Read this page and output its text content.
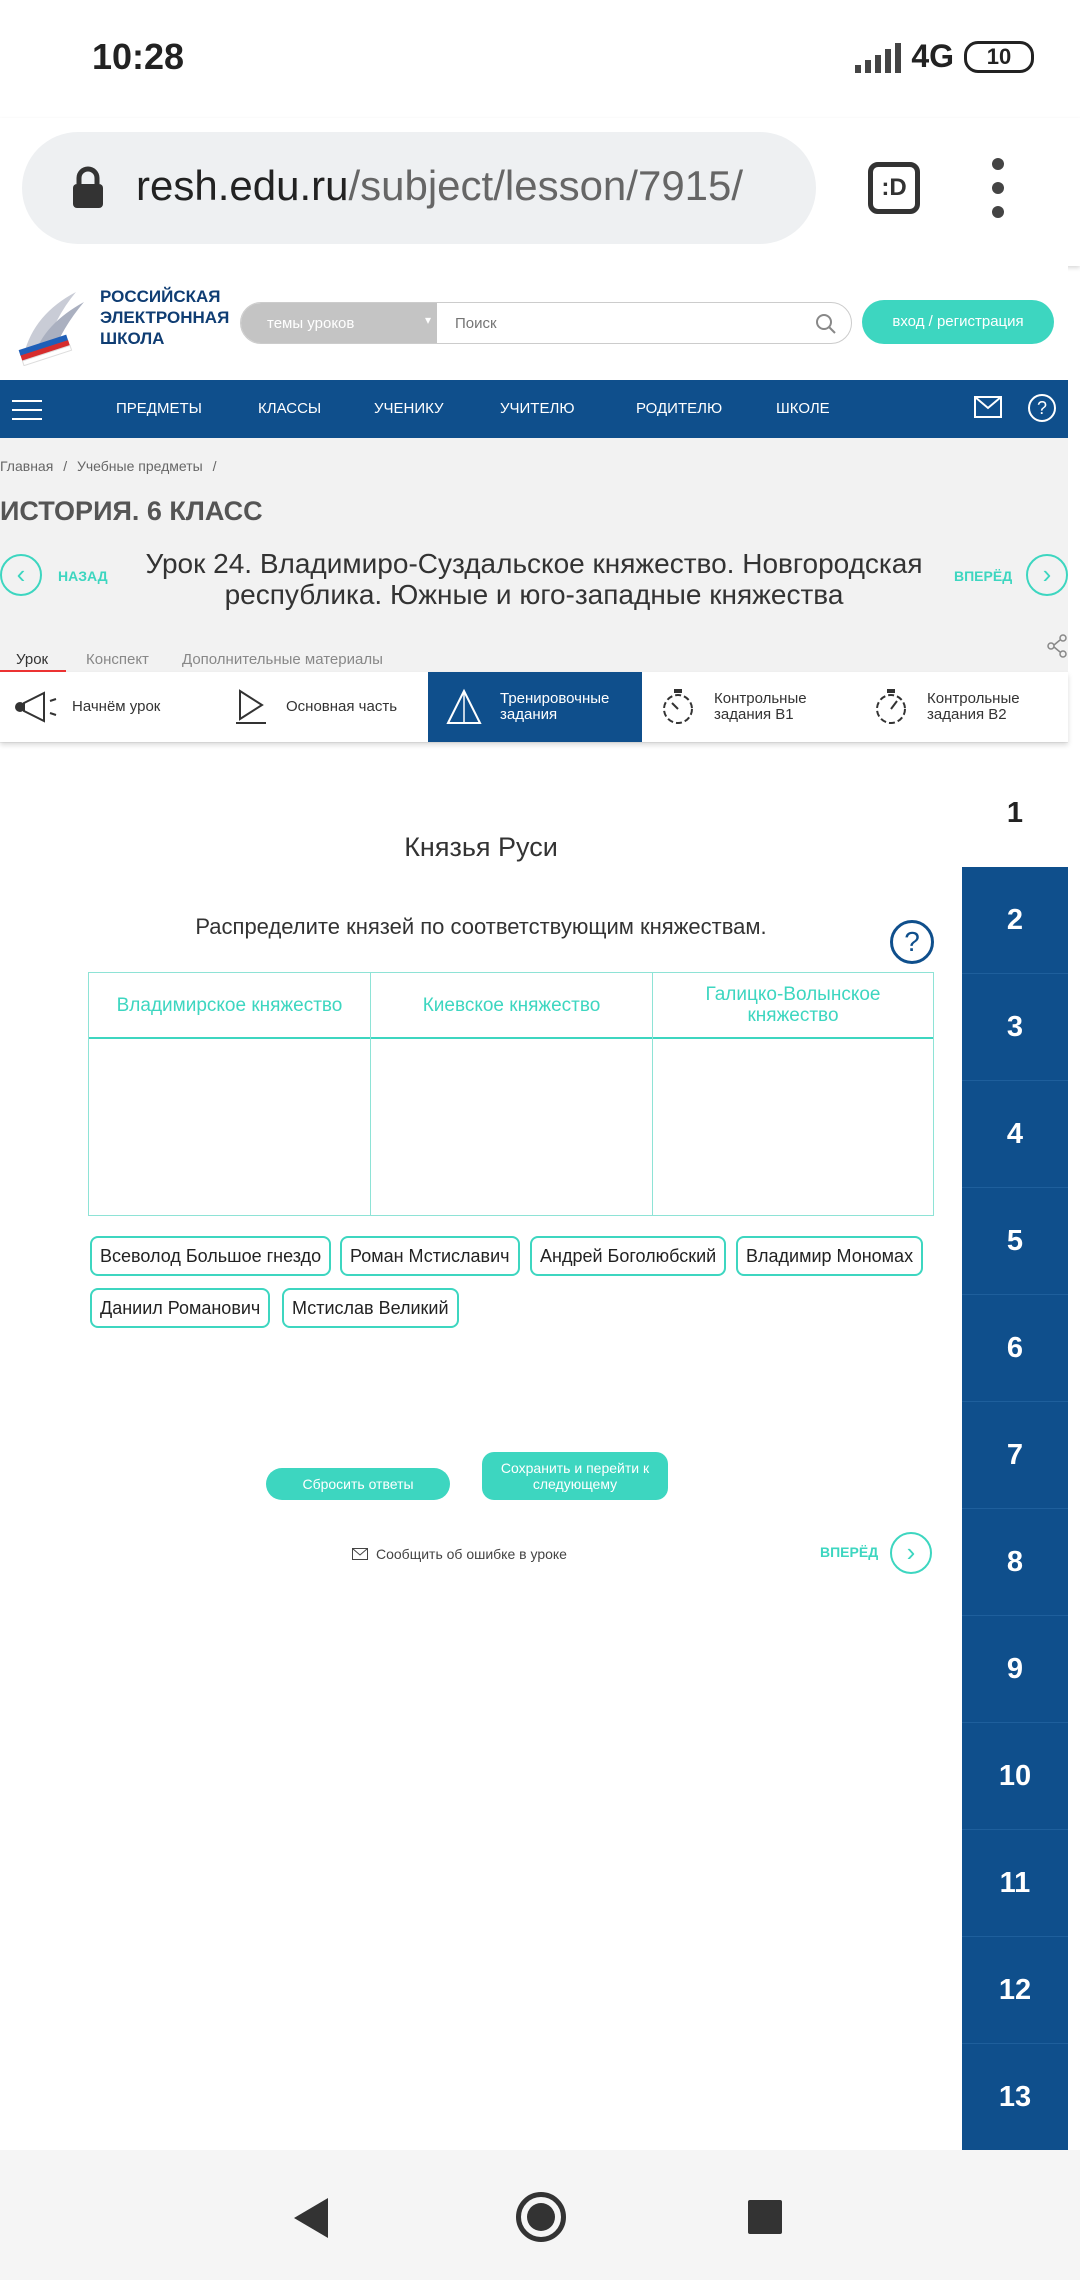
10:28	4G	10
resh.edu.ru/subject/lesson/7915/	:D
РОССИЙСКАЯ
ЭЛЕКТРОННАЯ
ШКОЛА
темы уроков ▾
Поиск	вход / регистрация
ПРЕДМЕТЫ	КЛАССЫ	УЧЕНИКУ	УЧИТЕЛЮ	РОДИТЕЛЮ	ШКОЛЕ	?
Главная / Учебные предметы /
ИСТОРИЯ. 6 КЛАСС
‹	НАЗАД	Урок 24. Владимиро-Суздальское княжество. Новгородская
республика. Южные и юго-западные княжества
ВПЕРЁД	›
Урок	Конспект Дополнительные материалы
Начнём урок	Основная часть	Тренировочные
задания
Контрольные
задания В1
Контрольные
задания В2
1
2
3
4
5
6
7
8
9
10
11
12
13
Князья Руси
Распределите князей по соответствующим княжествам.	?
Владимирское княжество	Киевское княжество	Галицко-Волынское княжество
Всеволод Большое гнездо	Роман Мстиславич	Андрей Боголюбский	Владимир Мономах
Даниил Романович	Мстислав Великий
Сбросить ответы
Сохранить и перейти к
следующему
Сообщить об ошибке в уроке	ВПЕРЁД	›
